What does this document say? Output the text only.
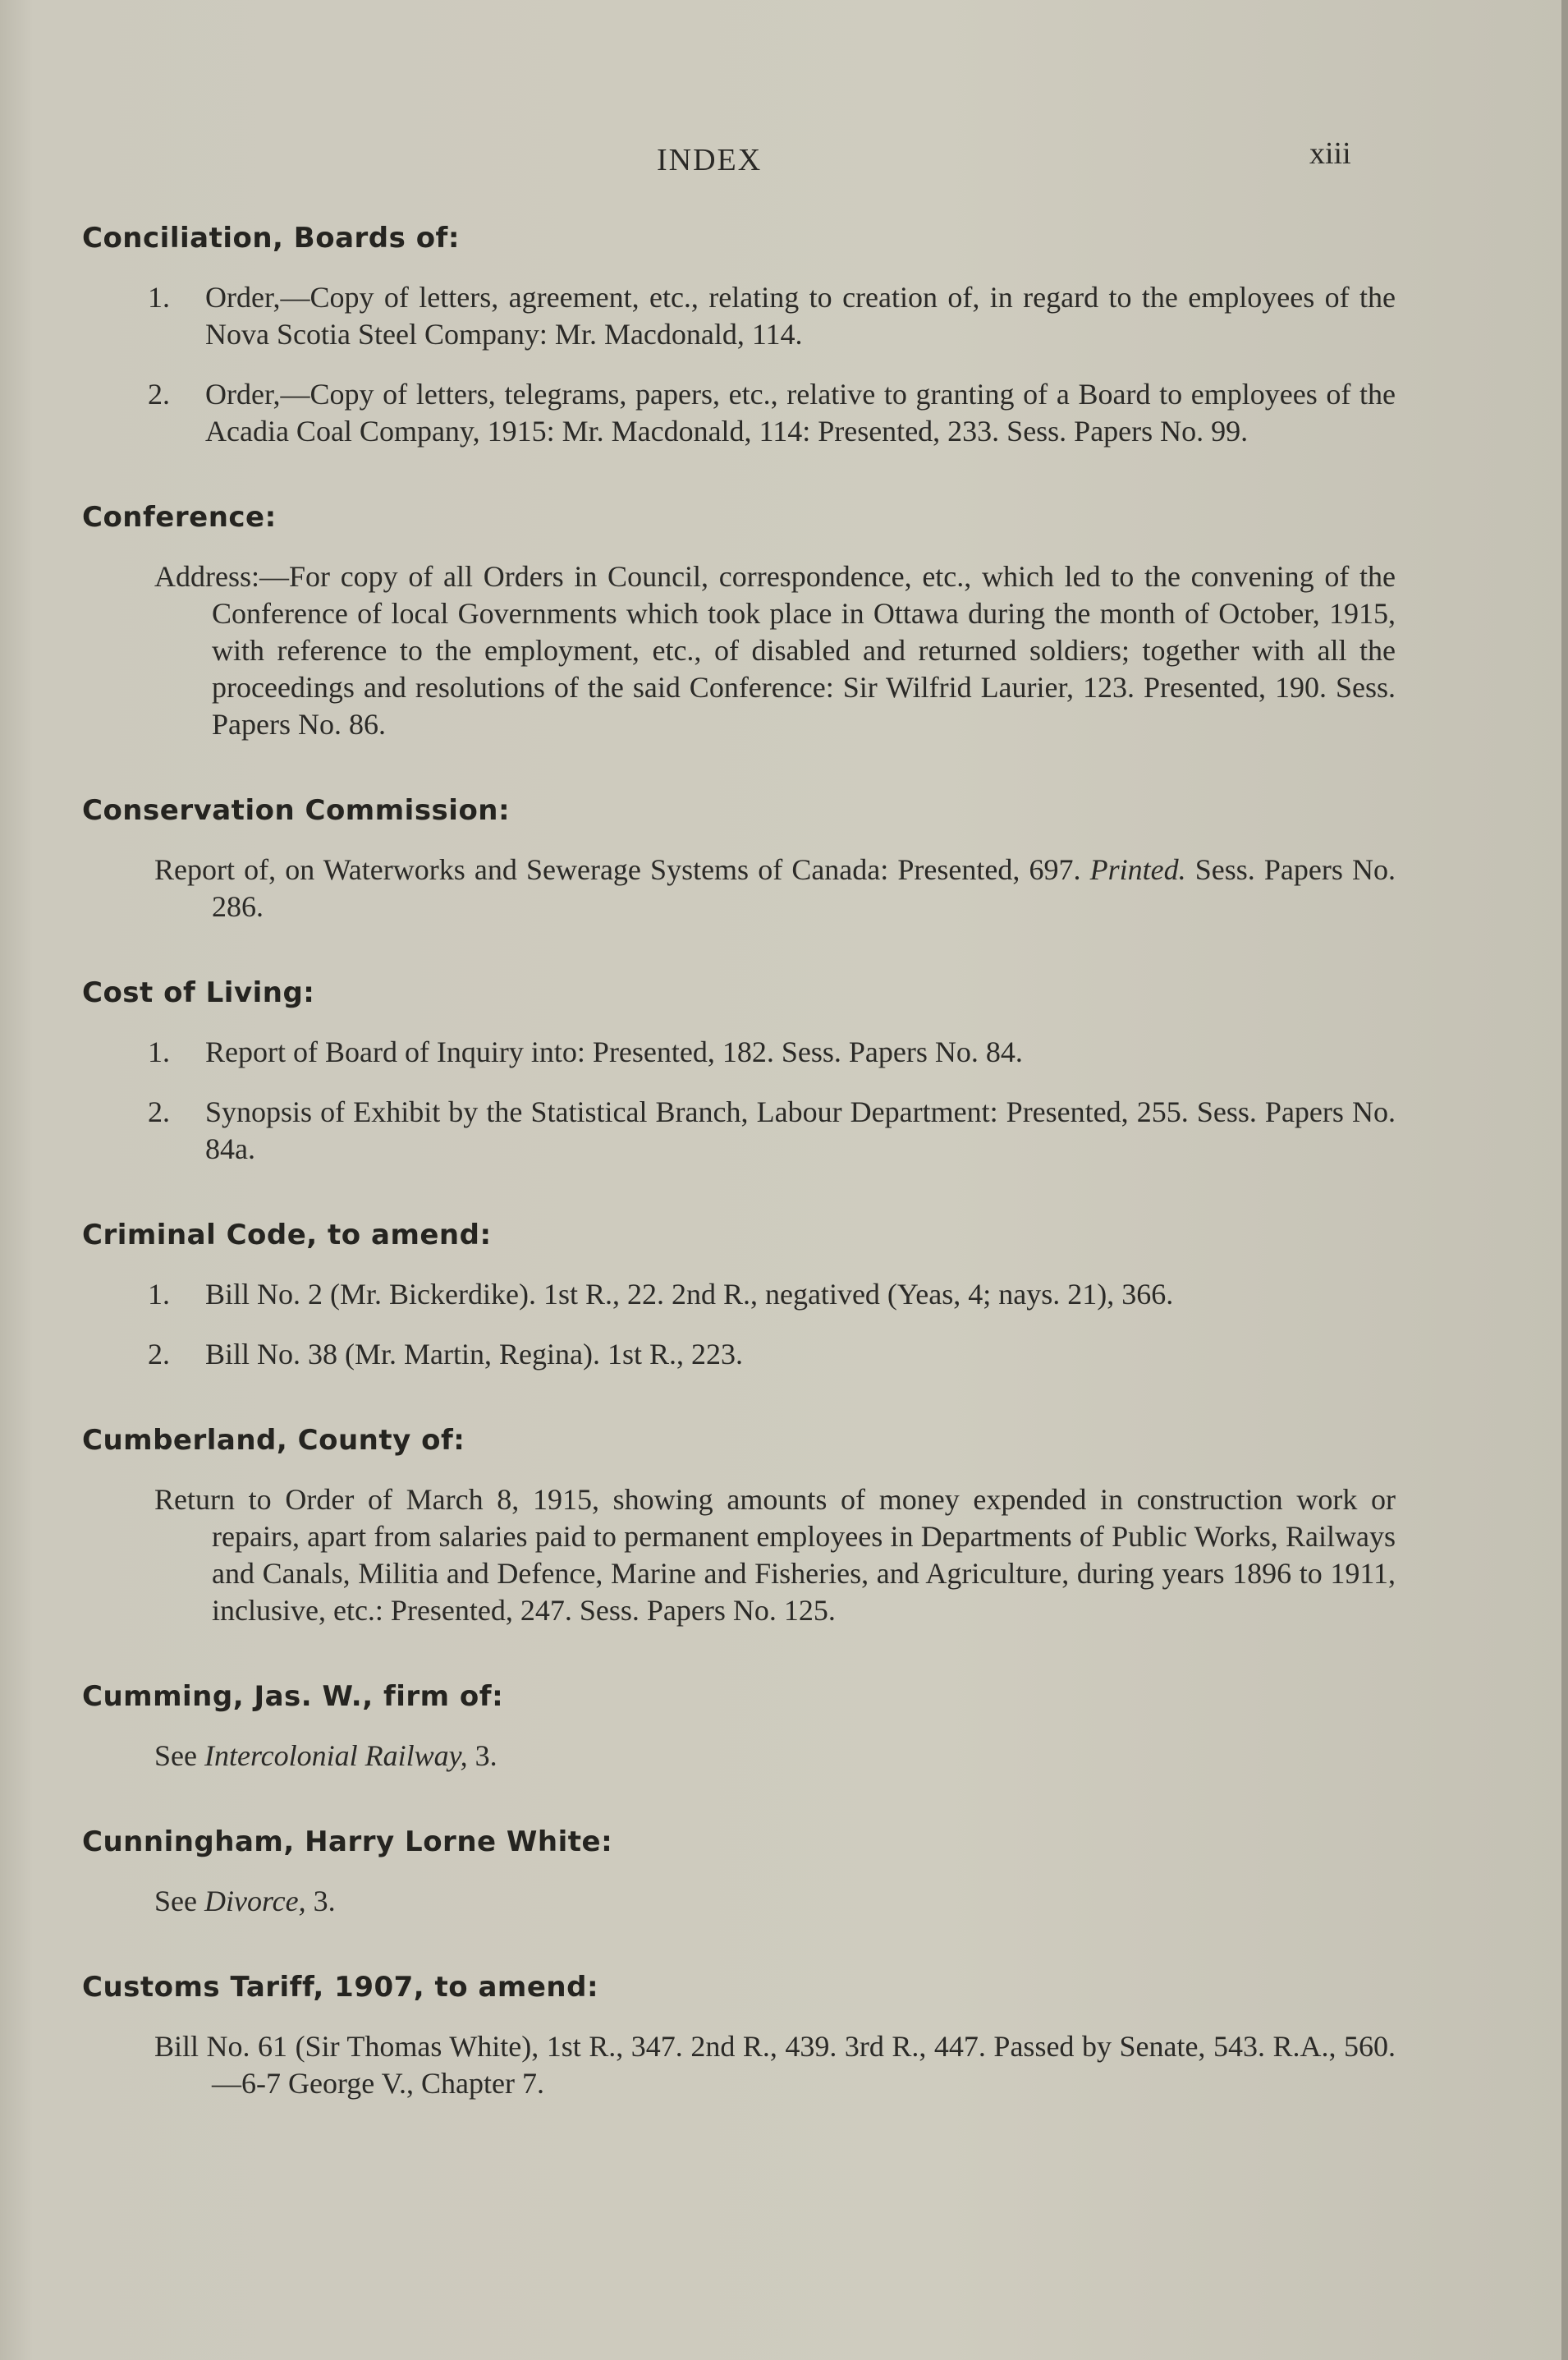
INDEX	xiii
Conciliation, Boards of:
1. Order,—Copy of letters, agreement, etc., relating to creation of, in regard to the employees of the Nova Scotia Steel Company: Mr. Macdonald, 114.
2. Order,—Copy of letters, telegrams, papers, etc., relative to granting of a Board to employees of the Acadia Coal Company, 1915: Mr. Macdonald, 114: Presented, 233. Sess. Papers No. 99.
Conference:
Address:—For copy of all Orders in Council, correspondence, etc., which led to the convening of the Conference of local Governments which took place in Ottawa during the month of October, 1915, with reference to the employment, etc., of disabled and returned soldiers; together with all the proceedings and resolutions of the said Conference: Sir Wilfrid Laurier, 123. Presented, 190. Sess. Papers No. 86.
Conservation Commission:
Report of, on Waterworks and Sewerage Systems of Canada: Presented, 697. Printed. Sess. Papers No. 286.
Cost of Living:
1. Report of Board of Inquiry into: Presented, 182. Sess. Papers No. 84.
2. Synopsis of Exhibit by the Statistical Branch, Labour Department: Presented, 255. Sess. Papers No. 84a.
Criminal Code, to amend:
1. Bill No. 2 (Mr. Bickerdike). 1st R., 22. 2nd R., negatived (Yeas, 4; nays. 21), 366.
2. Bill No. 38 (Mr. Martin, Regina). 1st R., 223.
Cumberland, County of:
Return to Order of March 8, 1915, showing amounts of money expended in construction work or repairs, apart from salaries paid to permanent employees in Departments of Public Works, Railways and Canals, Militia and Defence, Marine and Fisheries, and Agriculture, during years 1896 to 1911, inclusive, etc.: Presented, 247. Sess. Papers No. 125.
Cumming, Jas. W., firm of:
See Intercolonial Railway, 3.
Cunningham, Harry Lorne White:
See Divorce, 3.
Customs Tariff, 1907, to amend:
Bill No. 61 (Sir Thomas White), 1st R., 347. 2nd R., 439. 3rd R., 447. Passed by Senate, 543. R.A., 560.—6-7 George V., Chapter 7.
